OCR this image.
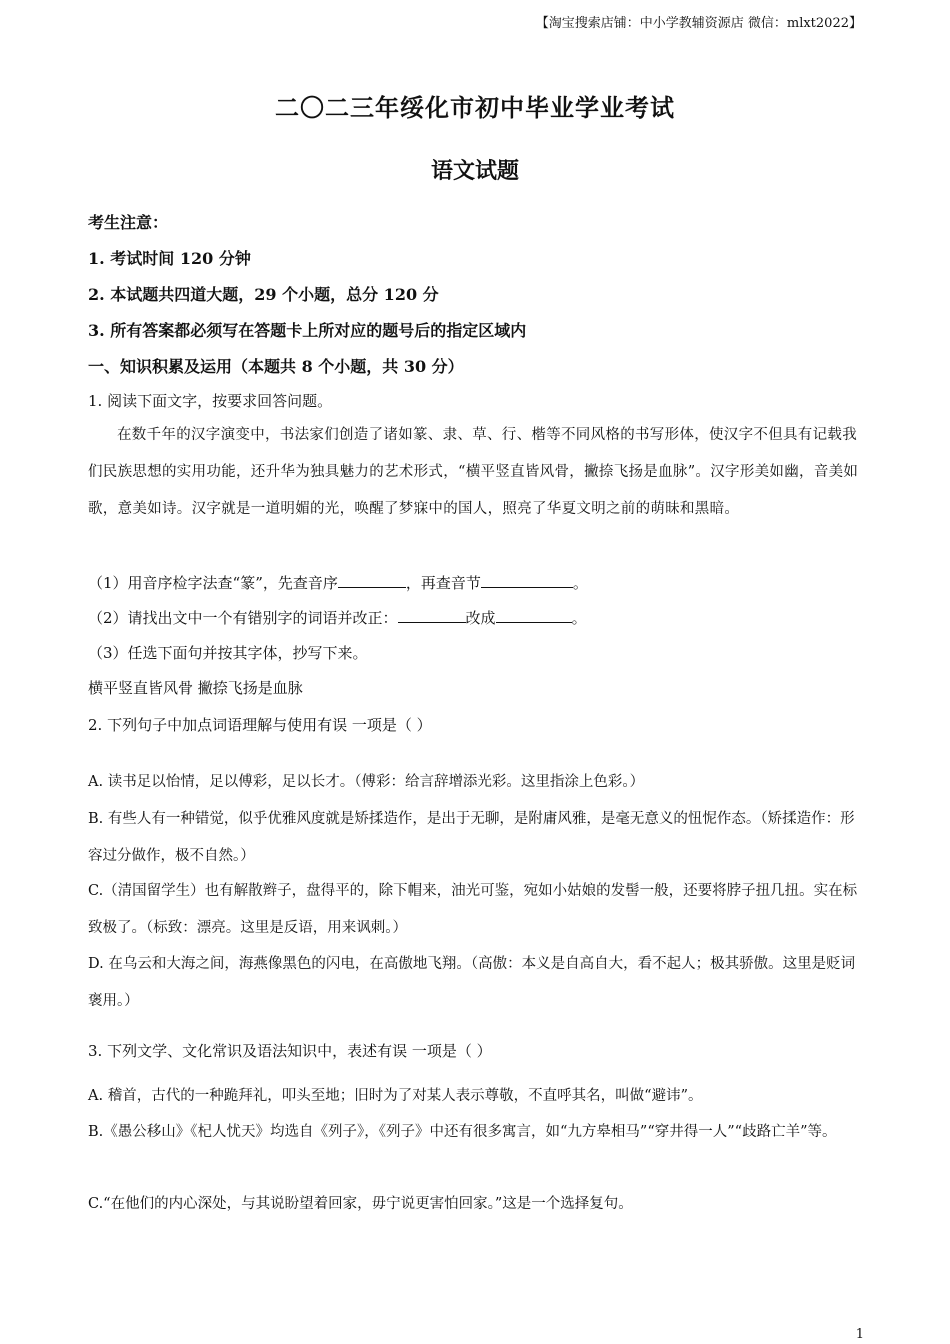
【淘宝搜索店铺：中小学教辅资源店 微信：mlxt2022】
二〇二三年绥化市初中毕业学业考试
语文试题
考生注意：
1. 考试时间 120 分钟
2. 本试题共四道大题，29 个小题，总分 120 分
3. 所有答案都必须写在答题卡上所对应的题号后的指定区域内
一、知识积累及运用（本题共 8 个小题，共 30 分）
1. 阅读下面文字，按要求回答问题。
在数千年的汉字演变中，书法家们创造了诸如篆、隶、草、行、楷等不同风格的书写形体，使汉字不但具有记载我们民族思想的实用功能，还升华为独具魅力的艺术形式，“横平竖直皆风骨，撇捺飞扬是血脉”。汉字形美如幽，音美如歌，意美如诗。汉字就是一道明媚的光，唤醒了梦寐中的国人，照亮了华夏文明之前的萌昧和黑暗。
（1）用音序检字法查“篆”，先查音序	，再查音节	。
（2）请找出文中一个有错别字的词语并改正：	改成	。
（3）任选下面句并按其字体，抄写下来。
横平竖直皆风骨 撇捺飞扬是血脉
2. 下列句子中加点词语理解与使用有误 一项是（ ）
A. 读书足以怡情，足以傅彩，足以长才。（傅彩：给言辞增添光彩。这里指涂上色彩。）
B. 有些人有一种错觉，似乎优雅风度就是矫揉造作，是出于无聊，是附庸风雅，是毫无意义的忸怩作态。（矫揉造作：形容过分做作，极不自然。）
C.（清国留学生）也有解散辫子，盘得平的，除下帽来，油光可鉴，宛如小姑娘的发髻一般，还要将脖子扭几扭。实在标致极了。（标致：漂亮。这里是反语，用来讽刺。）
D. 在乌云和大海之间，海燕像黑色的闪电，在高傲地飞翔。（高傲：本义是自高自大，看不起人；极其骄傲。这里是贬词褒用。）
3. 下列文学、文化常识及语法知识中，表述有误 一项是（ ）
A. 稽首，古代的一种跪拜礼，叩头至地；旧时为了对某人表示尊敬，不直呼其名，叫做“避讳”。
B.《愚公移山》《杞人忧天》均选自《列子》，《列子》中还有很多寓言，如“九方皋相马”“穿井得一人”“歧路亡羊”等。
C.“在他们的内心深处，与其说盼望着回家，毋宁说更害怕回家。”这是一个选择复句。
1
